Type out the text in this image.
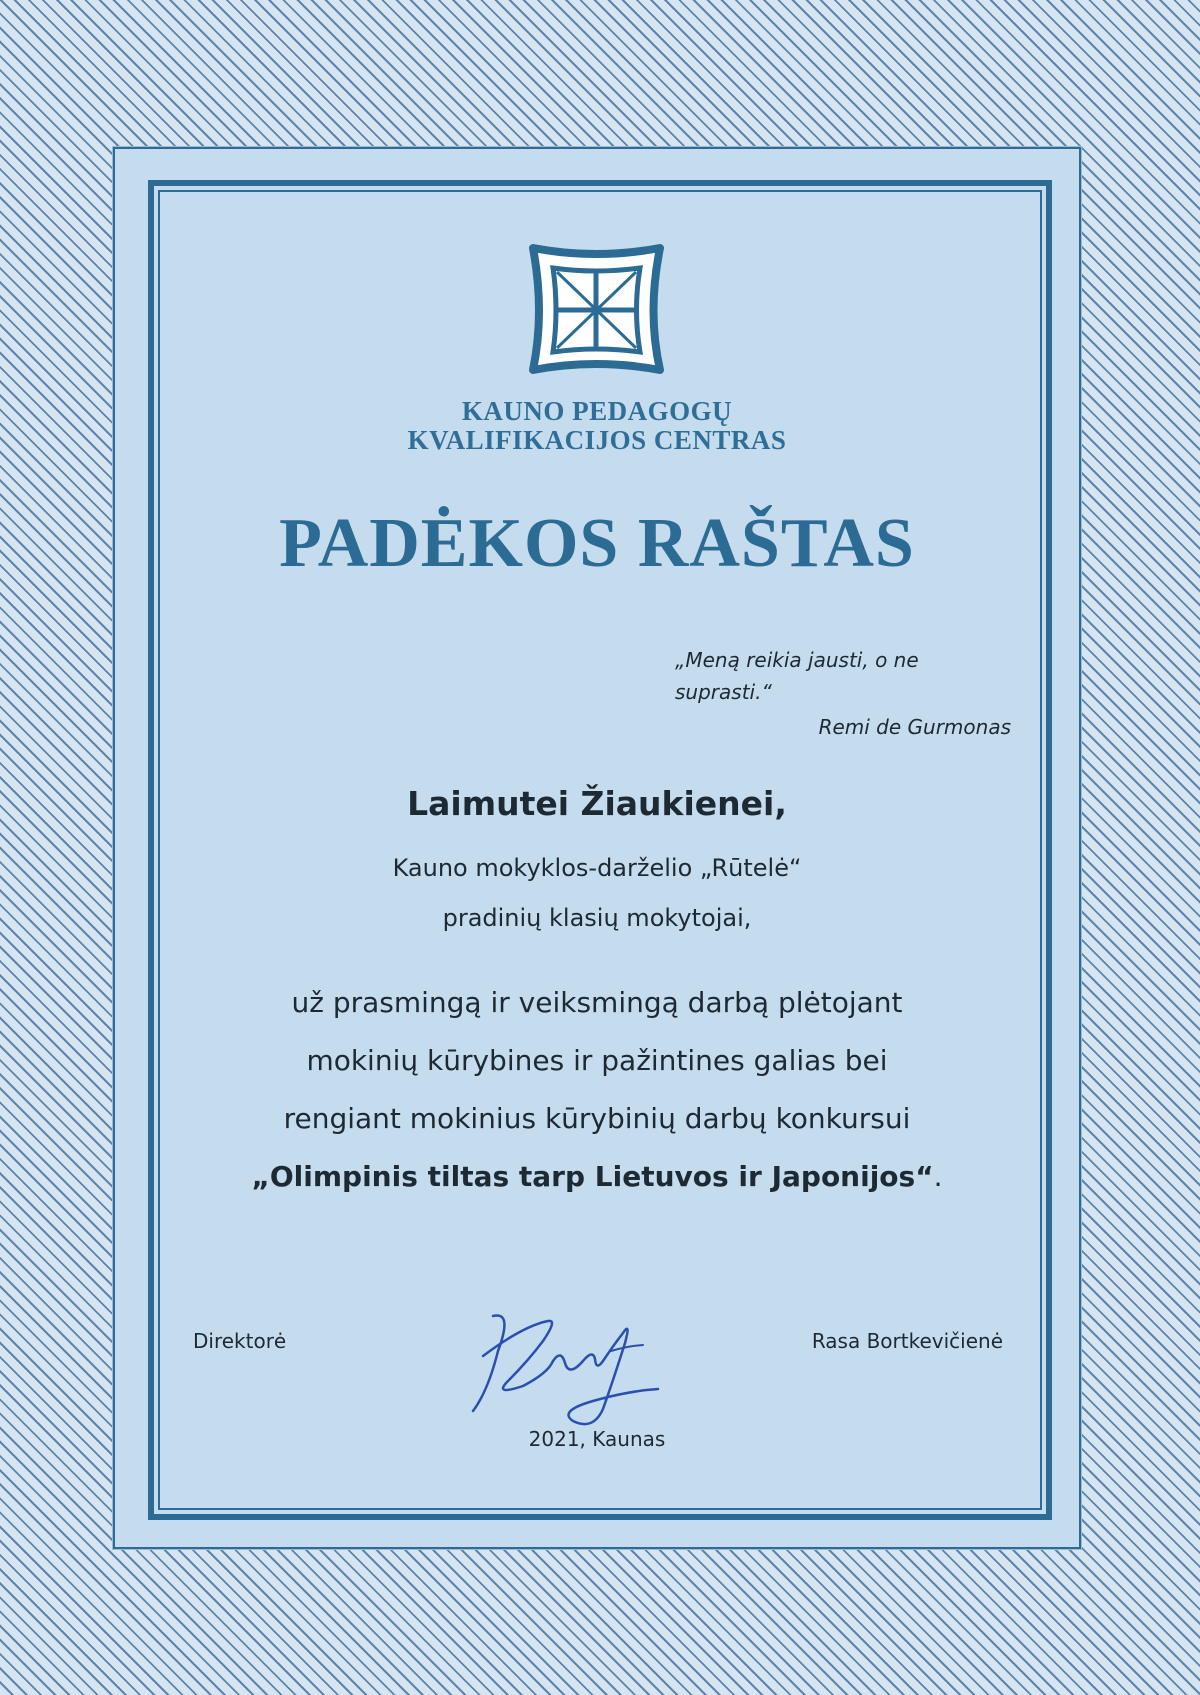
KAUNO PEDAGOGŲ
KVALIFIKACIJOS CENTRAS
PADĖKOS RAŠTAS
„Meną reikia jausti, o ne suprasti.“
Remi de Gurmonas
Laimutei Žiaukienei,
Kauno mokyklos-darželio „Rūtelė“
pradinių klasių mokytojai,
už prasmingą ir veiksmingą darbą plėtojant
mokinių kūrybines ir pažintines galias bei
rengiant mokinius kūrybinių darbų konkursui
„Olimpinis tiltas tarp Lietuvos ir Japonijos“.
Direktorė	Rasa Bortkevičienė
2021, Kaunas
